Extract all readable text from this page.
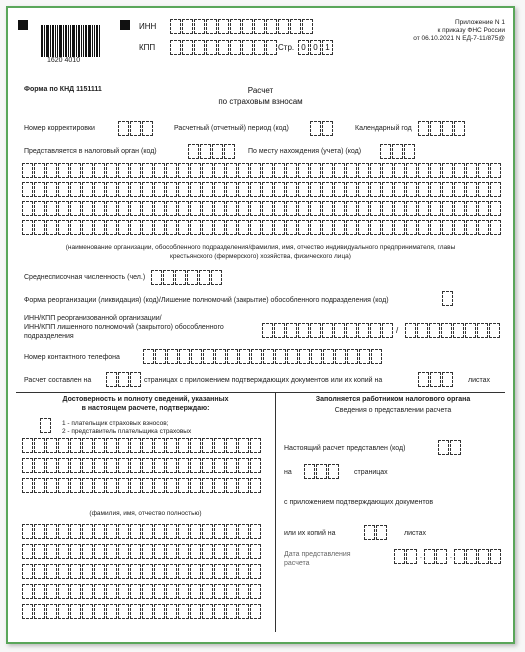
1620 4010
ИНН
КПП	Стр. 0 0 1
Приложение N 1
к приказу ФНС России
от 06.10.2021 N ЕД-7-11/875@
Форма по КНД 1151111	Расчет
по страховым взносам
Номер корректировки	Расчетный (отчетный) период (код)	Календарный год
Представляется в налоговый орган (код)	По месту нахождения (учета) (код)
(наименование организации, обособленного подразделения/фамилия, имя, отчество индивидуального предпринимателя, главы
крестьянского (фермерского) хозяйства, физического лица)
Среднесписочная численность (чел.)
Форма реорганизации (ликвидация) (код)/Лишение полномочий (закрытие) обособленного подразделения (код)
ИНН/КПП реорганизованной организации/
ИНН/КПП лишенного полномочий (закрытого) обособленного
подразделения
/
Номер контактного телефона
Расчет составлен на	страницах с приложением подтверждающих документов или их копий на	листах
Достоверность и полноту сведений, указанных
в настоящем расчете, подтверждаю:
1 - плательщик страховых взносов;
2 - представитель плательщика страховых
(фамилия, имя, отчество полностью)
Заполняется работником налогового органа
Сведения о представлении расчета
Настоящий расчет представлен (код)
на	страницах
с приложением подтверждающих документов
или их копий на	листах
Дата представления
расчета
.	.
